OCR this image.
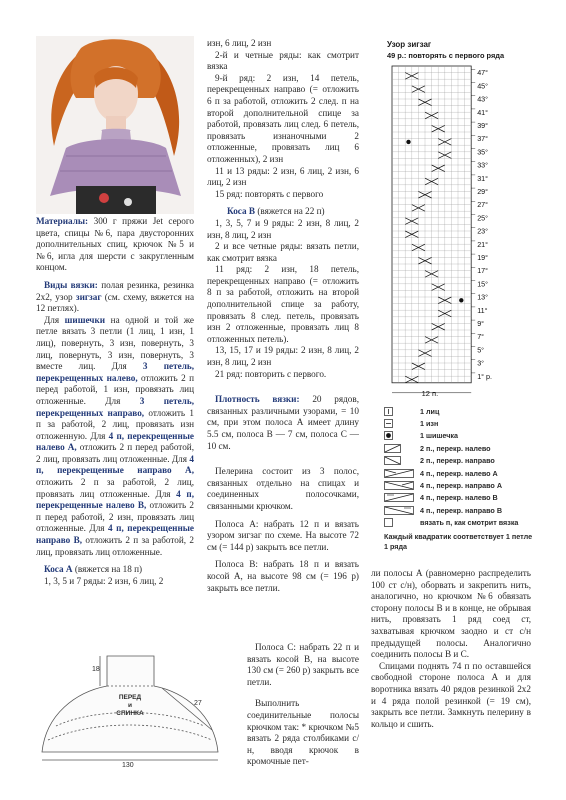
Материалы: 300 г пряжи Jet серого цвета, спицы №6, пара двусторонних дополнительных спиц, крючок №5 и №6, игла для шерсти с закругленным концом.

Виды вязки: полая резинка, резинка 2х2, узор зигзаг (см. схему, вяжется на 12 петлях).

Для шишечки на одной и той же петле вязать 3 петли (1 лиц, 1 изн, 1 лиц), повернуть, 3 изн, повернуть, 3 лиц, повернуть, 3 изн, повернуть, 3 вместе лиц. Для 3 петель, перекрещенных налево, отложить 2 п перед работой, 1 изн, провязать лиц отложенные. Для 3 петель, перекрещенных направо, отложить 1 п за работой, 2 лиц, провязать изн отложенную. Для 4 п, перекрещенные налево А, отложить 2 п перед работой, 2 лиц, провязать лиц отложенные. Для 4 п, перекрещенные направо А, отложить 2 п за работой, 2 лиц, провязать лиц отложенные. Для 4 п, перекрещенные налево В, отложить 2 п перед работой, 2 изн, провязать лиц отложенные. Для 4 п, перекрещенные направо В, отложить 2 п за работой, 2 лиц, провязать лиц отложенные.

Коса А (вяжется на 18 п)

1, 3, 5 и 7 ряды: 2 изн, 6 лиц, 2

18
27
130
ПЕРЕД
и
СПИНКА

изн, 6 лиц, 2 изн

2-й и четные ряды: как смотрит вязка

9-й ряд: 2 изн, 14 петель, перекрещенных направо (= отложить 6 п за работой, отложить 2 след. п на второй дополнительной спице за работой, провязать лиц след. 6 петель, провязать изнаночными 2 отложенные, провязать лиц 6 отложенных), 2 изн

11 и 13 ряды: 2 изн, 6 лиц, 2 изн, 6 лиц, 2 изн

15 ряд: повторять с первого

Коса В (вяжется на 22 п)

1, 3, 5, 7 и 9 ряды: 2 изн, 8 лиц, 2 изн, 8 лиц, 2 изн

2 и все четные ряды: вязать петли, как смотрит вязка

11 ряд: 2 изн, 18 петель, перекрещенных направо (= отложить 8 п за работой, отложить на второй дополнительной спице за работу, провязать 8 след. петель, провязать изн 2 отложенные, провязать лиц 8 отложенных петель).

13, 15, 17 и 19 ряды: 2 изн, 8 лиц, 2 изн, 8 лиц, 2 изн

21 ряд: повторить с первого.

Плотность вязки: 20 рядов, связанных различными узорами, = 10 см, при этом полоса А имеет длину 5.5 см, полоса В — 7 см, полоса С — 10 см.

Пелерина состоит из 3 полос, связанных отдельно на спицах и соединенных полосочками, связанными крючком.

Полоса А: набрать 12 п и вязать узором зигзаг по схеме. На высоте 72 см (= 144 р) закрыть все петли.

Полоса В: набрать 18 п и вязать косой А, на высоте 98 см (= 196 р) закрыть все петли.

Полоса С: набрать 22 п и вязать косой В, на высоте 130 см (= 260 р) закрыть все петли.

Выполнить соединительные полосы крючком так: * крючком №5 вязать 2 ряда столбиками с/н, вводя крючок в кромочные пет-

Узор зигзаг
49 р.: повторять с первого ряда
47°
45°
43°
41°
39°
37°
35°
33°
31°
29°
27°
25°
23°
21°
19°
17°
15°
13°
11°
9°
7°
5°
3°
1° р.
12 п.
1 лиц
1 изн
1 шишечка
2 п., перекр. налево
2 п., перекр. направо
4 п., перекр. налево А
4 п., перекр. направо А
4 п., перекр. налево В
4 п., перекр. направо В
вязать п, как смотрит вязка
Каждый квадратик соответствует 1 петле 1 ряда

ли полосы А (равномерно распределить 100 ст с/н), оборвать и закрепить нить, аналогично, но крючком №6 обвязать сторону полосы В и в конце, не обрывая нить, провязать 1 ряд соед ст, захватывая крючком заодно и ст с/н предыдущей полосы. Аналогично соединить полосы В и С.

Спицами поднять 74 п по оставшейся свободной стороне полоса А и для воротника вязать 40 рядов резинкой 2х2 и 4 ряда полой резинкой (= 19 см), закрыть все петли. Замкнуть пелерину в кольцо и сшить.
